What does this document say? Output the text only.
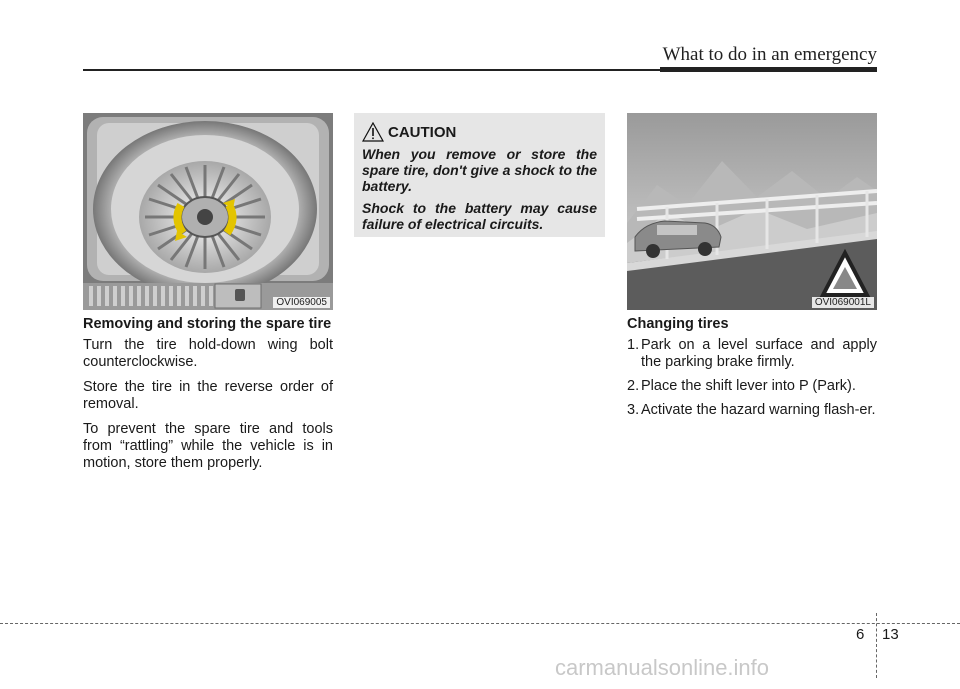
What to do in an emergency
OVI069005	OVI069001L
Removing and storing the spare tire

Turn the tire hold-down wing bolt counterclockwise.

Store the tire in the reverse order of removal.

To prevent the spare tire and tools from “rattling” while the vehicle is in motion, store them properly.

CAUTION

When you remove or store the spare tire, don't give a shock to the battery.

Shock to the battery may cause failure of electrical circuits.

Changing tires
1. Park on a level surface and apply the parking brake firmly.
2. Place the shift lever into P (Park).
3. Activate the hazard warning flash-er.
6 13
carmanualsonline.info
